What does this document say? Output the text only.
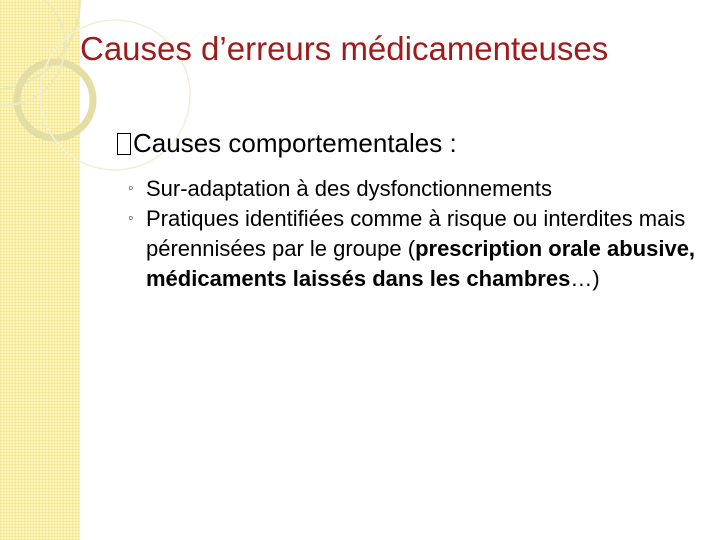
Causes d’erreurs médicamenteuses
Causes comportementales :
◦ Sur-adaptation à des dysfonctionnements
◦ Pratiques identifiées comme à risque ou interdites mais pérennisées par le groupe (prescription orale abusive, médicaments laissés dans les chambres…)
